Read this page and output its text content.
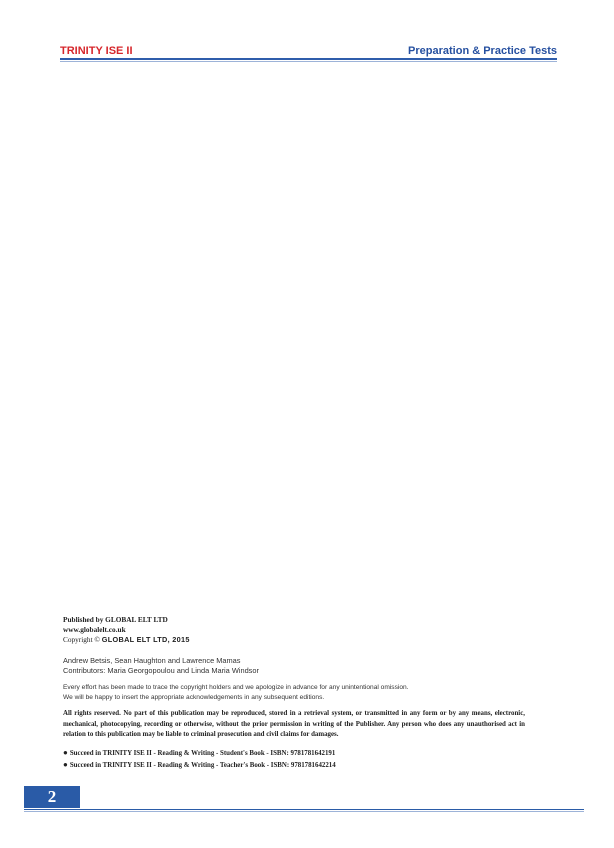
TRINITY ISE II	Preparation & Practice Tests
Published by GLOBAL ELT LTD
www.globalelt.co.uk
Copyright © GLOBAL ELT LTD, 2015
Andrew Betsis, Sean Haughton and Lawrence Mamas
Contributors: Maria Georgopoulou and Linda Maria Windsor
Every effort has been made to trace the copyright holders and we apologize in advance for any unintentional omission.
We will be happy to insert the appropriate acknowledgements in any subsequent editions.
All rights reserved. No part of this publication may be reproduced, stored in a retrieval system, or transmitted in any form or by any means, electronic, mechanical, photocopying, recording or otherwise, without the prior permission in writing of the Publisher. Any person who does any unauthorised act in relation to this publication may be liable to criminal prosecution and civil claims for damages.
● Succeed in TRINITY ISE II - Reading & Writing - Student's Book - ISBN: 9781781642191
● Succeed in TRINITY ISE II - Reading & Writing - Teacher's Book - ISBN: 9781781642214
2
